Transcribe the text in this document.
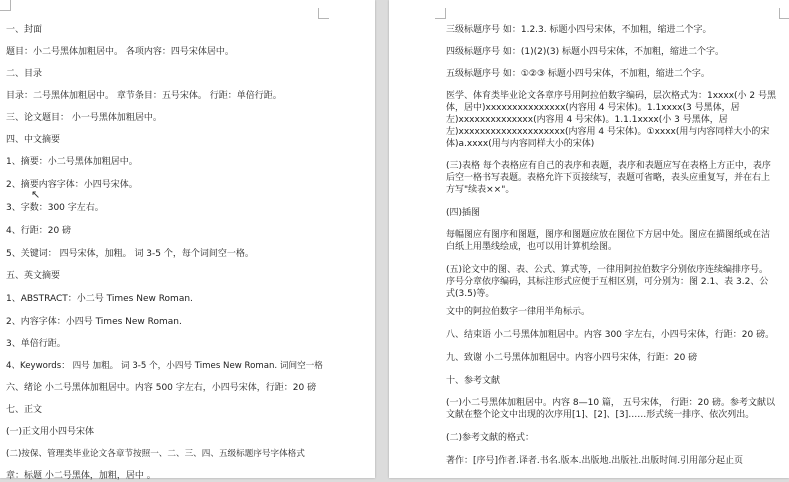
一、封面
题目：小二号黑体加粗居中。 各项内容：四号宋体居中。
二、目录
目录：二号黑体加粗居中。 章节条目：五号宋体。 行距：单倍行距。
三、论文题目： 小一号黑体加粗居中。
四、中文摘要
1、摘要：小二号黑体加粗居中。
2、摘要内容字体：小四号宋体。
↖
3、字数：300 字左右。
4、行距：20 磅
5、关键词： 四号宋体，加粗。 词 3-5 个，每个词间空一格。
五、英文摘要
1、ABSTRACT：小二号 Times New Roman.
2、内容字体：小四号 Times New Roman.
3、单倍行距。
4、Keywords： 四号 加粗。 词 3-5 个，小四号 Times New Roman. 词间空一格
六、绪论 小二号黑体加粗居中。内容 500 字左右，小四号宋体，行距：20 磅
七、正文
(一)正文用小四号宋体
(二)按保、管理类毕业论文各章节按照一、二、三、四、五级标题序号字体格式
章：标题 小二号黑体，加粗，居中 。
三级标题序号 如：1.2.3. 标题小四号宋体，不加粗，缩进二个字。
四级标题序号 如：(1)(2)(3) 标题小四号宋体，不加粗，缩进二个字。
五级标题序号 如：①②③ 标题小四号宋体，不加粗，缩进二个字。
医学、体育类毕业论文各章序号用阿拉伯数字编码，层次格式为：1xxxx(小 2 号黑体，居中)xxxxxxxxxxxxxxx(内容用 4 号宋体)。1.1xxxx(3 号黑体，居左)xxxxxxxxxxxxxx(内容用 4 号宋体)。1.1.1xxxx(小 3 号黑体，居左)xxxxxxxxxxxxxxxxxxxx(内容用 4 号宋体)。①xxxx(用与内容同样大小的宋体)a.xxxx(用与内容同样大小的宋体)
(三)表格 每个表格应有自己的表序和表题，表序和表题应写在表格上方正中，表序后空一格书写表题。表格允许下页接续写，表题可省略，表头应重复写，并在右上方写"续表××"。
(四)插图
每幅图应有图序和图题，图序和图题应放在图位下方居中处。图应在描图纸或在洁白纸上用墨线绘成，也可以用计算机绘图。
(五)论文中的图、表、公式、算式等，一律用阿拉伯数字分别依序连续编排序号。序号分章依序编码，其标注形式应便于互相区别，可分别为：图 2.1、表 3.2、公式(3.5)等。
文中的阿拉伯数字一律用半角标示。
八、结束语 小二号黑体加粗居中。内容 300 字左右，小四号宋体，行距：20 磅。
九、致谢 小二号黑体加粗居中。内容小四号宋体，行距：20 磅
十、参考文献
(一)小二号黑体加粗居中。内容 8—10 篇， 五号宋体， 行距：20 磅。参考文献以文献在整个论文中出现的次序用[1]、[2]、[3]……形式统一排序、依次列出。
(二)参考文献的格式：
著作：[序号]作者.译者.书名.版本.出版地.出版社.出版时间.引用部分起止页
